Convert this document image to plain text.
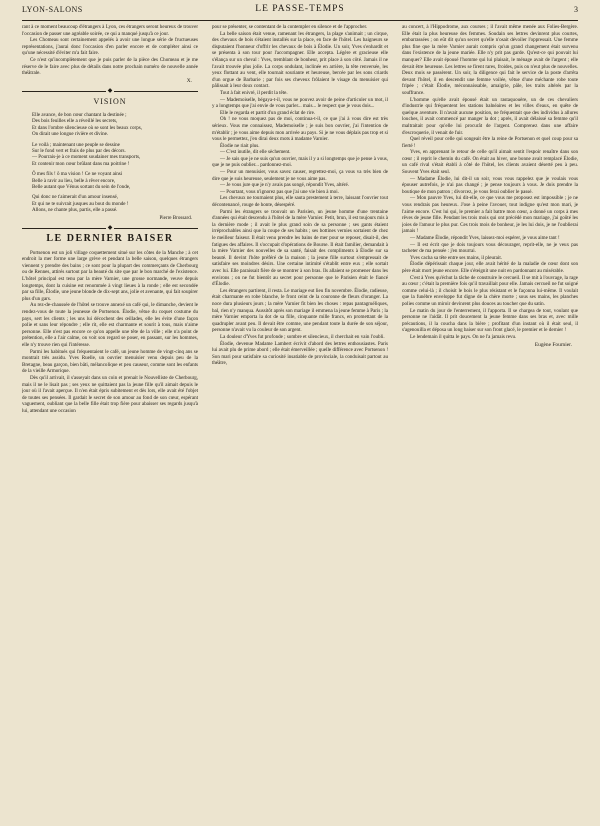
LYON-SALONS	LE PASSE-TEMPS	3

rant à ce moment beaucoup d'étrangers à Lyon, ces étrangers seront heureux de trouver l'occasion de passer une agréable soirée, ce qui a manqué jusqu'à ce jour.

Les Chomeau sont certainement appelés à avoir une longue série de fructueuses représentations, j'aurai donc l'occasion d'en parler encore et de compléter ainsi ce qu'une nécessité d'éviter m'a fait faire.

Ce n'est qu'incomplètement que je puis parler de la pièce des Chomeau et je me réserve de le faire avec plus de détails dans notre prochain numéro de nouvelle année théâtrale.

X.
◆
VISION
Elle avance, de bon cœur chantant la destinée ;
Des bois feuilles elle a réveillé les secrets,
Et dans l'ombre silencieuse où se sont les beaux corps,
On dirait une longue rivière et divine.
Le voilà ; maintenant une peuple se dessine
Sur le fond vert et frais de plus par des décors.
— Pourrais-je à ce moment soudainer mes transports,
Et contenir mon cœur brûlant dans ma poitrine !
Ô mes fils ! ô ma vision ! Ce ne voyant ainsi
Belle à ravir au lieu, belle à rêver encore,
Belle autant que Vénus sortant du sein de l'onde,
Qui donc ne t'aimerait d'un amour insensé,
Et qui ne te suivrait jusques au bout du monde !
Allons, ne chante plus, partis, elle a passé.
Pierre Brossard.
◆
LE DERNIER BAISER

Portsenon est un joli village coquettement situé sur les côtes de la Manche ; à cet endroit la mer forme une large grève et pendant la belle saison, quelques étrangers viennent y prendre des bains ; ce sont pour la plupart des commerçants de Cherbourg ou de Rennes, attirés surtout par la beauté du site que par le bon marché de l'existence. L'hôtel principal est tenu par la mère Varnier, une grosse normande, veuve depuis longtemps, dont la cuisine est renommée à vingt lieues à la ronde ; elle est secondée par sa fille, Élodie, une jeune blonde de dix-sept ans, jolie et avenante, qui fait soupirer plus d'un gars.

Au rez-de-chaussée de l'hôtel se trouve annexé un café qui, le dimanche, devient le rendez-vous de toute la jeunesse de Portsenon. Élodie, vêtue du coquet costume du pays, sert les clients ; les uns lui décochent des œillades, elle les évite d'une façon polie et sans leur répondre ; elle rit, elle est charmante et sourit à tous, mais n'aime personne. Elle n'est pas encore ce qu'on appelle une tête de la ville ; elle n'a point de prétention, elle a l'air calme, on voit son regard se poser, en passant, sur les hommes, elle n'y trouve rien qui l'intéresse.

Parmi les habitués qui fréquentaient le café, un jeune homme de vingt-cinq ans se montrait très assidu. Yves Ruelle, un ouvrier menuisier venu depuis peu de la Bretagne, beau garçon, bien bâti, mélancolique et peu causeur, comme sont les enfants de la vieille Armorique.

Dès qu'il arrivait, il s'asseyait dans un coin et prenait le Nouvelliste de Cherbourg, mais il ne le lisait pas ; ses yeux ne quittaient pas la jeune fille qu'il aimait depuis le jour où il l'avait aperçue. Il n'en était épris subitement et dès lors, elle avait été l'objet de toutes ses pensées. Il gardait le secret de son amour au fond de son cœur, espérant vaguement, oubliant que la belle fille était trop fière pour abaisser ses regards jusqu'à lui, attendant une occasion

pour se présenter, se contentant de la contempler en silence et de l'approcher.

La belle saison était venue, ramenant les étrangers, la plage s'animait ; un cirque, des chevaux de bois s'étaient installés sur la place, en face de l'hôtel. Les baigneurs se disputaient l'honneur d'offrir les chevaux de bois à Élodie. Un soir, Yves s'enhardit et se présenta à son tour pour l'accompagner. Elle accepta. Légère et gracieuse elle s'élança sur un cheval : Yves, tremblant de bonheur, prit place à son côté. Jamais il ne l'avait trouvée plus jolie. La corps ondulant, inclinée en arrière, la tête renversée, les yeux flottant au vent, elle tournait souriante et heureuse, bercée par les sons criards d'un orgue de Barbarie ; par fois ses cheveux frôlaient le visage du menuisier qui pâlissait à leur doux contact.

Tout à fait enivré, il perdit la tête.

— Mademoiselle, bégaya-t-il, vous ne pouvez avoir de peine d'articuler un mot, il y a longtemps que j'ai envie de vous parler... mais... le respect que je vous dois...

Elle le regarda et partit d'un grand éclat de rire.

Oh ! ne vous moquez pas de moi, continua-t-il, ce que j'ai à vous dire est très sérieux. Vous me connaissez, Mademoiselle ; je suis bon ouvrier, j'ai l'intention de m'établir ; je vous aime depuis mon arrivée au pays. Si je ne vous déplais pas trop et si vous le permettez, j'en dirai deux mots à madame Varnier.

Élodie ne riait plus.

— C'est inutile, dit elle sèchement.

— Je sais que je ne suis qu'un ouvrier, mais il y a si longtemps que je pense à vous, que je ne puis oublier... pardonnez-moi.

— Pour un menuisier, vous savez causer, regrettez-moi, ça vous va très bien de dire que je suis heureuse, seulement je ne vous aime pas.

— Je vous jure que je n'y avais pas songé, répondit Yves, altéré.

— Pourtant, vous n'ignorez pas que j'ai une vie bien à moi.

Les chevaux ne tournaient plus, elle sauta prestement à terre, laissant l'ouvrier tout décontenancé, rouge de honte, désespéré.

Parmi les étrangers se trouvait un Parisien, un jeune homme d'une trentaine d'années qui était descendu à l'hôtel de la mère Varnier. Petit, brun, il est toujours mis à la dernière mode ; il avait le plus grand soin de sa personne ; ses gants étaient irréprochables ainsi que la coupe de ses habits ; ses bottines vernies sortaient de chez le meilleur faiseur. Il était venu prendre les bains de mer pour se reposer, disait-il, des fatigues des affaires. Il s'occupait d'opérations de Bourse. Il était familier, demandait à la mère Varnier des nouvelles de sa santé, faisait des compliments à Élodie sur sa beauté. Il devint l'hôte préféré de la maison ; la jeune fille surtout s'empressait de satisfaire ses moindres désirs. Une certaine intimité s'établit entre eux ; elle sortait avec lui. Elle paraissait fière de se montrer à son bras. Ils allaient se promener dans les environs ; on ne fut bientôt au secret pour personne que le Parisien était le fiancé d'Élodie.

Les étrangers partirent, il resta. Le mariage eut lieu fin novembre. Élodie, radieuse, était charmante en robe blanche, le front ceint de la couronne de fleurs d'oranger. La noce dura plusieurs jours ; la mère Varnier fit bien les choses : repas pantagruéliques, bal, rien n'y manqua. Aussitôt après son mariage il emmena la jeune femme à Paris ; la mère Varnier emporta la dot de sa fille, cinquante mille francs, en promettant de la quadrupler avant peu. Il devait être comme, une pendant toute la durée de son séjour, personne n'avait vu la couleur de son argent.

La douleur d'Yves fut profonde ; sombre et silencieux, il cherchait en vain l'oubli.

Élodie, devenue Madame Lambert écrivit d'abord des lettres enthousiastes. Paris lui avait plu de prime abord ; elle était émerveillée ; quelle différence avec Portsenon ! Son mari pour satisfaire sa curiosité insatiable de provinciale, la conduisait partout au théâtre,

au concert, à l'Hippodrome, aux courses ; il l'avait même menée aux Folies-Bergère. Elle était la plus heureuse des femmes. Soudain ses lettres devinrent plus courtes, embarrassées ; on eût dit qu'un secret qu'elle n'osait dévoiler l'oppressait. Une femme plus fine que la mère Varnier aurait compris qu'un grand changement était survenu dans l'existence de la jeune mariée. Elle n'y prit pas garde. Qu'est-ce qui pouvait lui manquer? Elle avait épousé l'homme qui lui plaisait, le ménage avait de l'argent ; elle devait être heureuse. Les lettres se firent rares, froides, puis on n'eut plus de nouvelles. Deux mois se passèrent. Un soir, la diligence qui fait le service de la poste d'arrêta devant l'hôtel, il en descendit une femme voilée, vêtue d'une méchante robe toute fripée ; c'était Élodie, méconnaissable, amaigrie, pâle, les traits altérés par la souffrance.

L'homme qu'elle avait épousé était un rastaquouère, un de ces chevaliers d'industrie qui fréquentent les stations balnéaires et les villes d'eaux, en quête de quelque aventure. Il n'avait aucune position, ne fréquentait que des individus à allures louches, il avait commencé par manger la dot ; après, il avait délaissé sa femme qu'il maltraitait pour qu'elle lui procurât de l'argent. Comprenez dans une affaire d'escroquerie, il venait de fuir.

Quel réveil pour celle qui songeait être la reine de Portsenon et quel coup pour sa fierté !

Yves, en apprenant le retour de celle qu'il aimait sentit l'espoir renaître dans son cœur ; il reprit le chemin du café. On était au hiver, une bonne avait remplacé Élodie, un café rival s'était établi à côté de l'hôtel, les clients avaient déserté peu à peu. Souvent Yves était seul.

— Madame Élodie, lui dit-il un soir, vous vous rappelez que je voulais vous épouser autrefois, je n'ai pas changé ; je pense toujours à vous. Je dois prendre la boutique de mon patron ; divorcez, je vous ferai oublier le passé.

— Mon pauvre Yves, lui dit-elle, ce que vous me proposez est impossible ; je ne vous rendrais pas heureux. J'ose à peine l'avouer, tout indigne qu'est mon mari, je l'aime encore. C'est lui qui, le premier a fait battre mon cœur, a donné un corps à mes rêves de jeune fille. Pendant les trois mois qui ont précédé mon mariage, j'ai goûté les joies de l'amour le plus pur. Ces trois mois de bonheur, je les lui dois, je ne l'oublierai jamais !

— Madame Élodie, répondit Yves, laissez-moi espérer, je vous aime tant !

— Il est écrit que je dois toujours vous décourager, reprit-elle, ne je veux pas tacheter de ma pensée : j'en mourrai.

Yves cacha sa tête entre ses mains, il pleurait.

Élodie dépérissait chaque jour, elle avait hérité de la maladie de cœur dont son père était mort jeune encore. Elle s'éteignit une nuit en pardonnant au misérable.

C'est à Yves qu'échut la tâche de construire le cercueil. Il se mit à l'ouvrage, la rage au cœur ; c'était la première fois qu'il travaillait pour elle. Jamais cercueil ne fut soigné comme celui-là ; il choisit le bois le plus résistant et le façonna lui-même. Il voulait que la funèbre enveloppe fut digne de la chère morte ; sous ses mains, les planches polies comme un miroir devinrent plus douces au toucher que du satin.

Le matin du jour de l'enterrement, il l'apporta. Il se chargea de tout, voulant que personne ne l'aidât. Il prit doucement la jeune femme dans ses bras et, avec mille précautions, il la coucha dans la bière ; profitant d'un instant où il était seul, il s'agenouilla et déposa un long baiser sur son front glacé, le premier et le dernier !

Le lendemain il quitta le pays. On ne l'a jamais revu.

Eugène Fournier.
